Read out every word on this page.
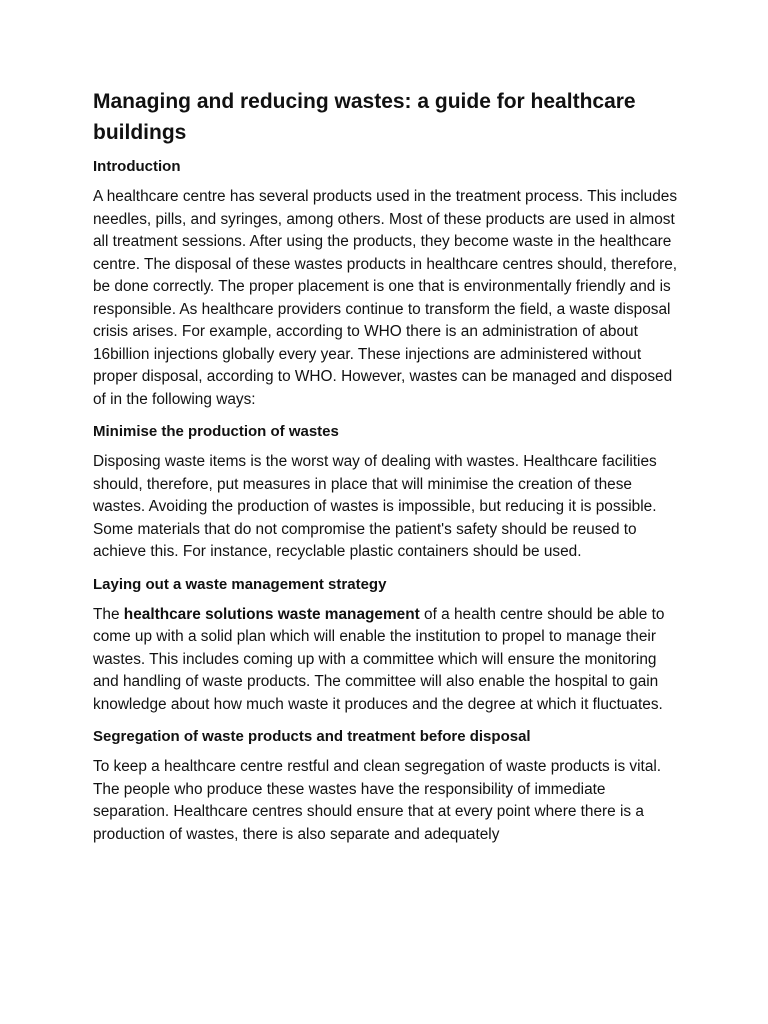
Managing and reducing wastes: a guide for healthcare buildings
Introduction

A healthcare centre has several products used in the treatment process. This includes needles, pills, and syringes, among others. Most of these products are used in almost all treatment sessions. After using the products, they become waste in the healthcare centre. The disposal of these wastes products in healthcare centres should, therefore, be done correctly. The proper placement is one that is environmentally friendly and is responsible. As healthcare providers continue to transform the field, a waste disposal crisis arises. For example, according to WHO there is an administration of about 16billion injections globally every year. These injections are administered without proper disposal, according to WHO. However, wastes can be managed and disposed of in the following ways:

Minimise the production of wastes

Disposing waste items is the worst way of dealing with wastes. Healthcare facilities should, therefore, put measures in place that will minimise the creation of these wastes. Avoiding the production of wastes is impossible, but reducing it is possible. Some materials that do not compromise the patient's safety should be reused to achieve this. For instance, recyclable plastic containers should be used.

Laying out a waste management strategy

The healthcare solutions waste management of a health centre should be able to come up with a solid plan which will enable the institution to propel to manage their wastes. This includes coming up with a committee which will ensure the monitoring and handling of waste products. The committee will also enable the hospital to gain knowledge about how much waste it produces and the degree at which it fluctuates.

Segregation of waste products and treatment before disposal

To keep a healthcare centre restful and clean segregation of waste products is vital. The people who produce these wastes have the responsibility of immediate separation. Healthcare centres should ensure that at every point where there is a production of wastes, there is also separate and adequately
